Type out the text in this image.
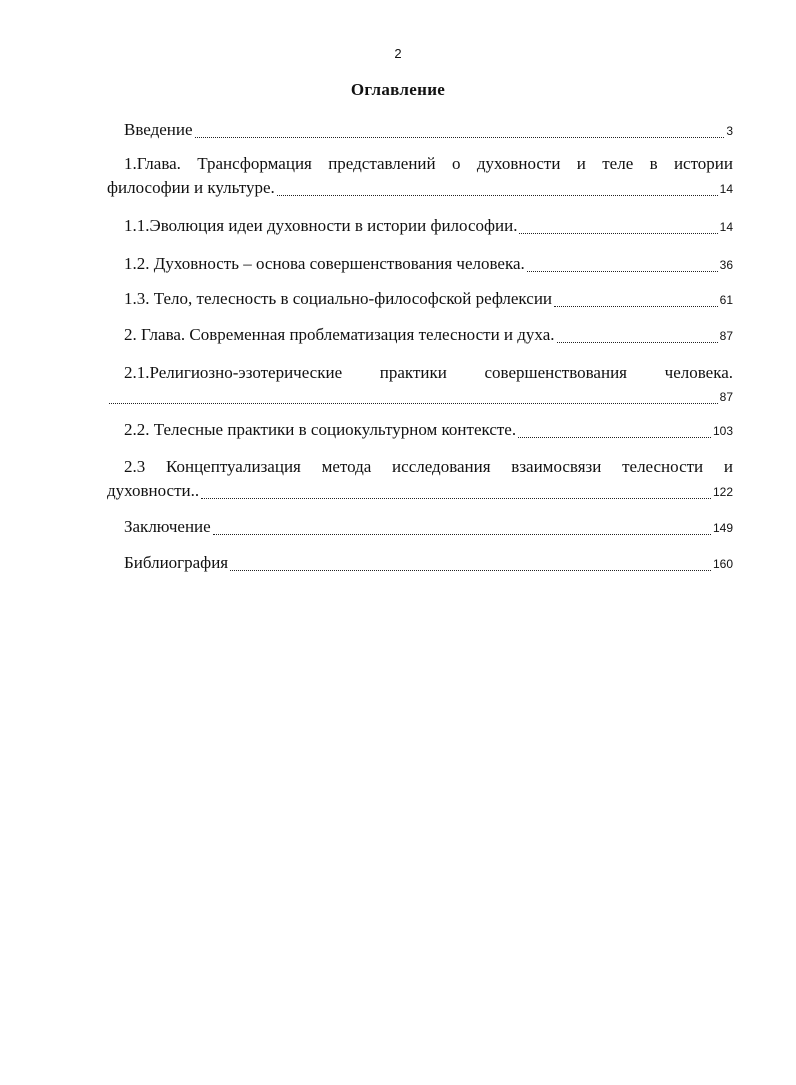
2
Оглавление
Введение	3
1.Глава. Трансформация представлений о духовности и теле в истории
философии и культуре.	14
1.1.Эволюция идеи духовности в истории философии.	14
1.2. Духовность – основа совершенствования человека.	36
1.3. Тело, телесность в социально-философской рефлексии	61
2. Глава. Современная проблематизация телесности и духа.	87
2.1.Религиозно-эзотерические практики совершенствования человека.
87
2.2. Телесные практики в социокультурном контексте.	103
2.3 Концептуализация метода исследования взаимосвязи телесности и
духовности..	122
Заключение	149
Библиография	160
